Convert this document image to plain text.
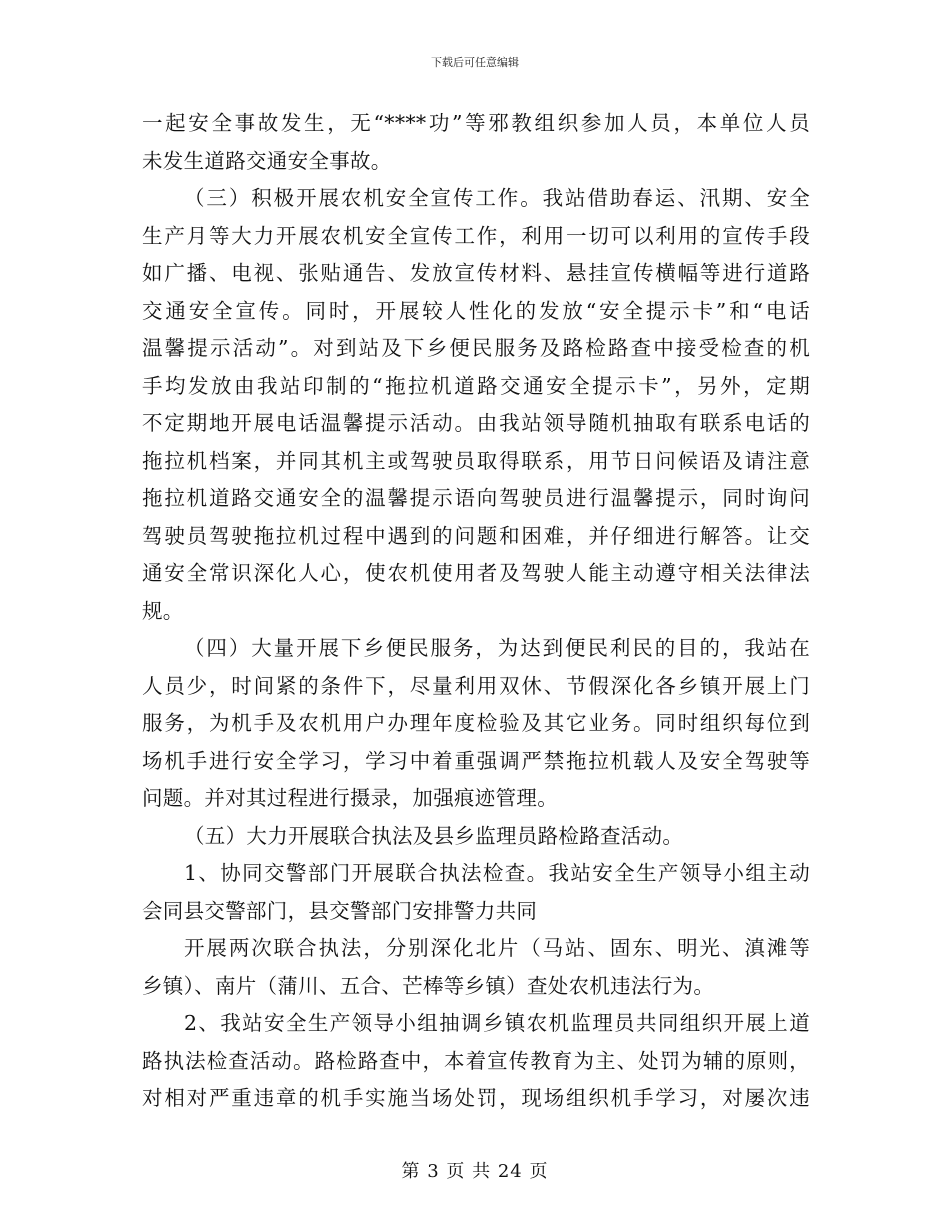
下载后可任意编辑
一起安全事故发生，无“****功”等邪教组织参加人员，本单位人员
未发生道路交通安全事故。
（三）积极开展农机安全宣传工作。我站借助春运、汛期、安全
生产月等大力开展农机安全宣传工作，利用一切可以利用的宣传手段
如广播、电视、张贴通告、发放宣传材料、悬挂宣传横幅等进行道路
交通安全宣传。同时，开展较人性化的发放“安全提示卡”和“电话
温馨提示活动”。对到站及下乡便民服务及路检路查中接受检查的机
手均发放由我站印制的“拖拉机道路交通安全提示卡”，另外，定期
不定期地开展电话温馨提示活动。由我站领导随机抽取有联系电话的
拖拉机档案，并同其机主或驾驶员取得联系，用节日问候语及请注意
拖拉机道路交通安全的温馨提示语向驾驶员进行温馨提示，同时询问
驾驶员驾驶拖拉机过程中遇到的问题和困难，并仔细进行解答。让交
通安全常识深化人心，使农机使用者及驾驶人能主动遵守相关法律法
规。
（四）大量开展下乡便民服务，为达到便民利民的目的，我站在
人员少，时间紧的条件下，尽量利用双休、节假深化各乡镇开展上门
服务，为机手及农机用户办理年度检验及其它业务。同时组织每位到
场机手进行安全学习，学习中着重强调严禁拖拉机载人及安全驾驶等
问题。并对其过程进行摄录，加强痕迹管理。
（五）大力开展联合执法及县乡监理员路检路查活动。
1、协同交警部门开展联合执法检查。我站安全生产领导小组主动
会同县交警部门，县交警部门安排警力共同
开展两次联合执法，分别深化北片（马站、固东、明光、滇滩等
乡镇）、南片（蒲川、五合、芒棒等乡镇）查处农机违法行为。
2、我站安全生产领导小组抽调乡镇农机监理员共同组织开展上道
路执法检查活动。路检路查中，本着宣传教育为主、处罚为辅的原则，
对相对严重违章的机手实施当场处罚，现场组织机手学习，对屡次违
第 3 页 共 24 页
